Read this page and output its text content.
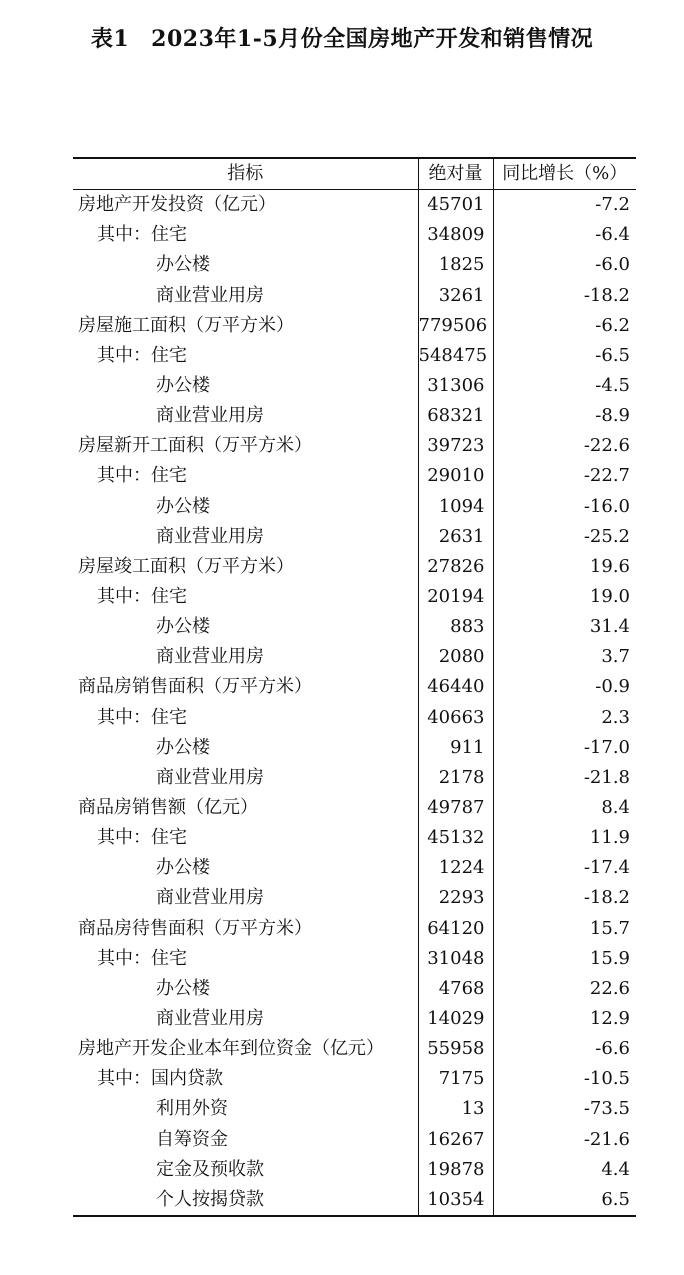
表1 2023年1-5月份全国房地产开发和销售情况
指标	绝对量	同比增长（%）
房地产开发投资（亿元）	45701	-7.2
其中：住宅	34809	-6.4
办公楼	1825	-6.0
商业营业用房	3261	-18.2
房屋施工面积（万平方米）	779506	-6.2
其中：住宅	548475	-6.5
办公楼	31306	-4.5
商业营业用房	68321	-8.9
房屋新开工面积（万平方米）	39723	-22.6
其中：住宅	29010	-22.7
办公楼	1094	-16.0
商业营业用房	2631	-25.2
房屋竣工面积（万平方米）	27826	19.6
其中：住宅	20194	19.0
办公楼	883	31.4
商业营业用房	2080	3.7
商品房销售面积（万平方米）	46440	-0.9
其中：住宅	40663	2.3
办公楼	911	-17.0
商业营业用房	2178	-21.8
商品房销售额（亿元）	49787	8.4
其中：住宅	45132	11.9
办公楼	1224	-17.4
商业营业用房	2293	-18.2
商品房待售面积（万平方米）	64120	15.7
其中：住宅	31048	15.9
办公楼	4768	22.6
商业营业用房	14029	12.9
房地产开发企业本年到位资金（亿元）	55958	-6.6
其中：国内贷款	7175	-10.5
利用外资	13	-73.5
自筹资金	16267	-21.6
定金及预收款	19878	4.4
个人按揭贷款	10354	6.5
